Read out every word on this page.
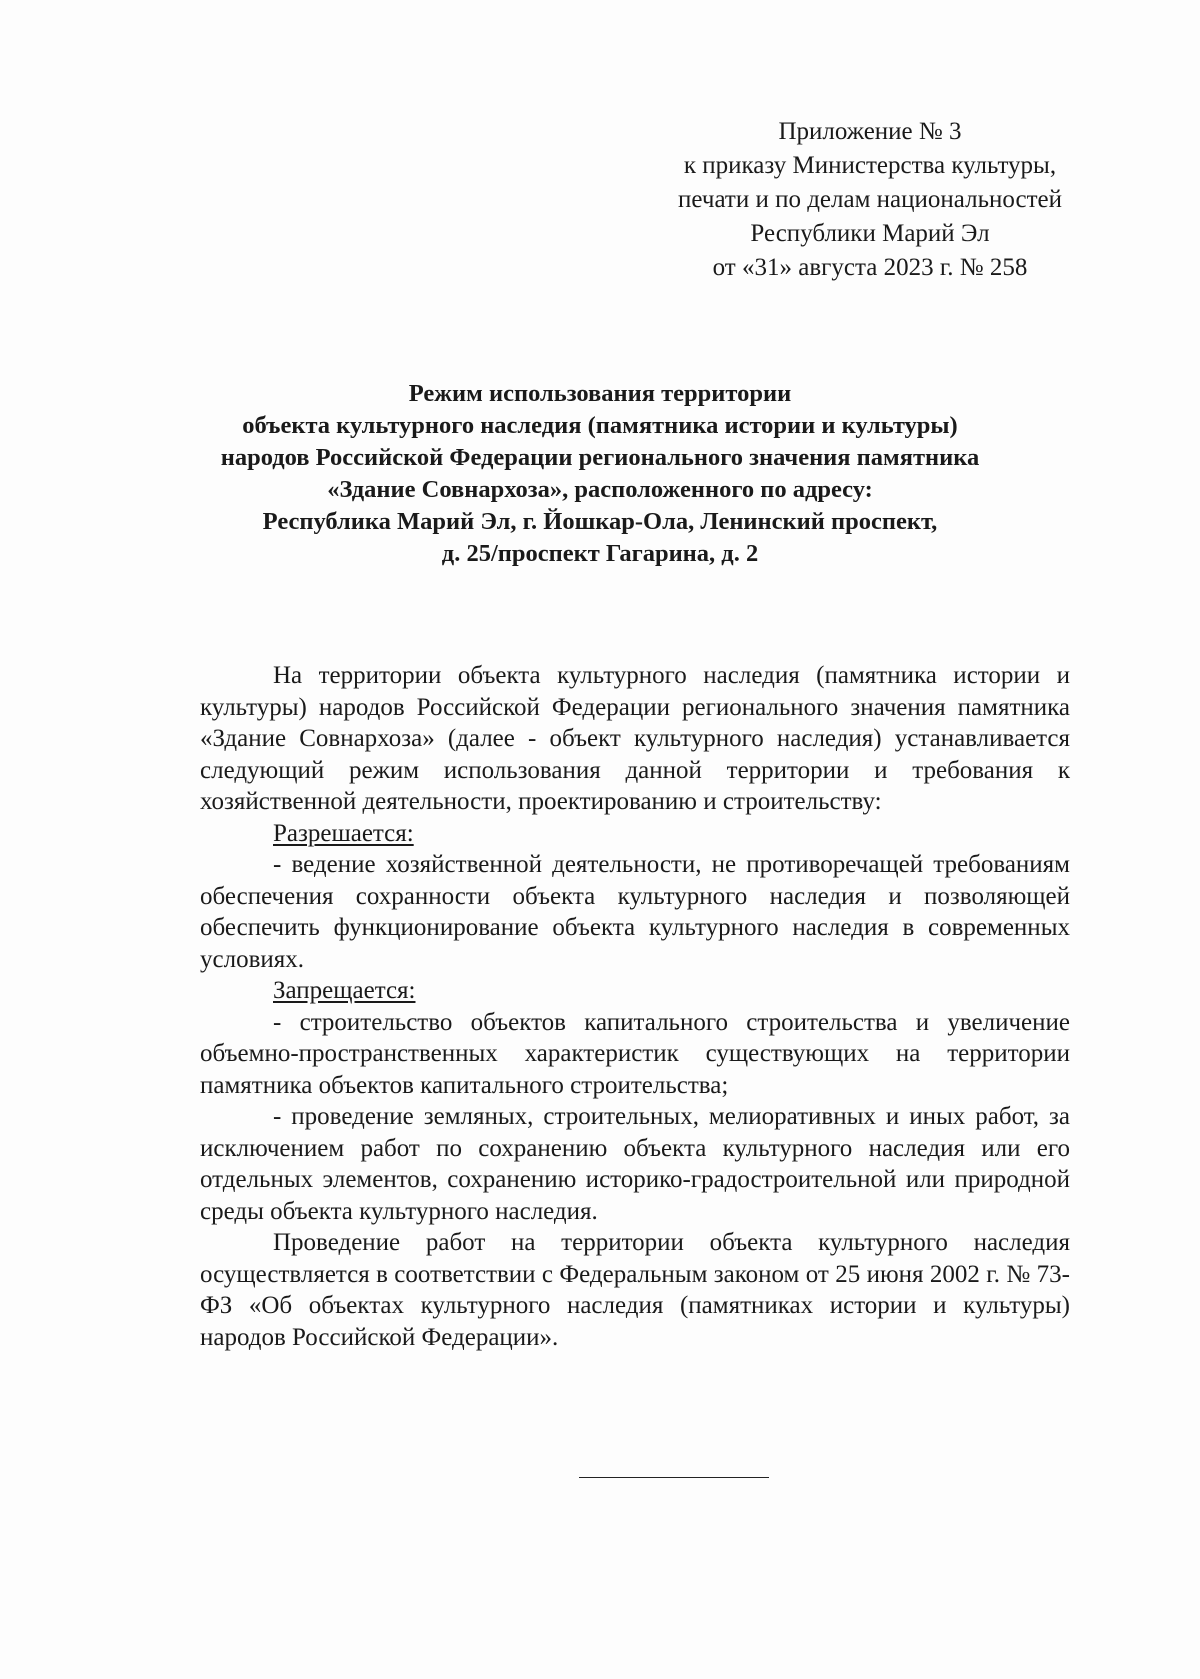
Приложение № 3
к приказу Министерства культуры,
печати и по делам национальностей
Республики Марий Эл
от «31» августа 2023 г. № 258
Режим использования территории
объекта культурного наследия (памятника истории и культуры)
народов Российской Федерации регионального значения памятника
«Здание Совнархоза», расположенного по адресу:
Республика Марий Эл, г. Йошкар-Ола, Ленинский проспект,
д. 25/проспект Гагарина, д. 2

На территории объекта культурного наследия (памятника истории и культуры) народов Российской Федерации регионального значения памятника «Здание Совнархоза» (далее - объект культурного наследия) устанавливается следующий режим использования данной территории и требования к хозяйственной деятельности, проектированию и строительству:

Разрешается:

- ведение хозяйственной деятельности, не противоречащей требованиям обеспечения сохранности объекта культурного наследия и позволяющей обеспечить функционирование объекта культурного наследия в современных условиях.

Запрещается:

- строительство объектов капитального строительства и увеличение объемно-пространственных характеристик существующих на территории памятника объектов капитального строительства;

- проведение земляных, строительных, мелиоративных и иных работ, за исключением работ по сохранению объекта культурного наследия или его отдельных элементов, сохранению историко-градостроительной или природной среды объекта культурного наследия.

Проведение работ на территории объекта культурного наследия осуществляется в соответствии с Федеральным законом от 25 июня 2002 г. № 73-ФЗ «Об объектах культурного наследия (памятниках истории и культуры) народов Российской Федерации».
